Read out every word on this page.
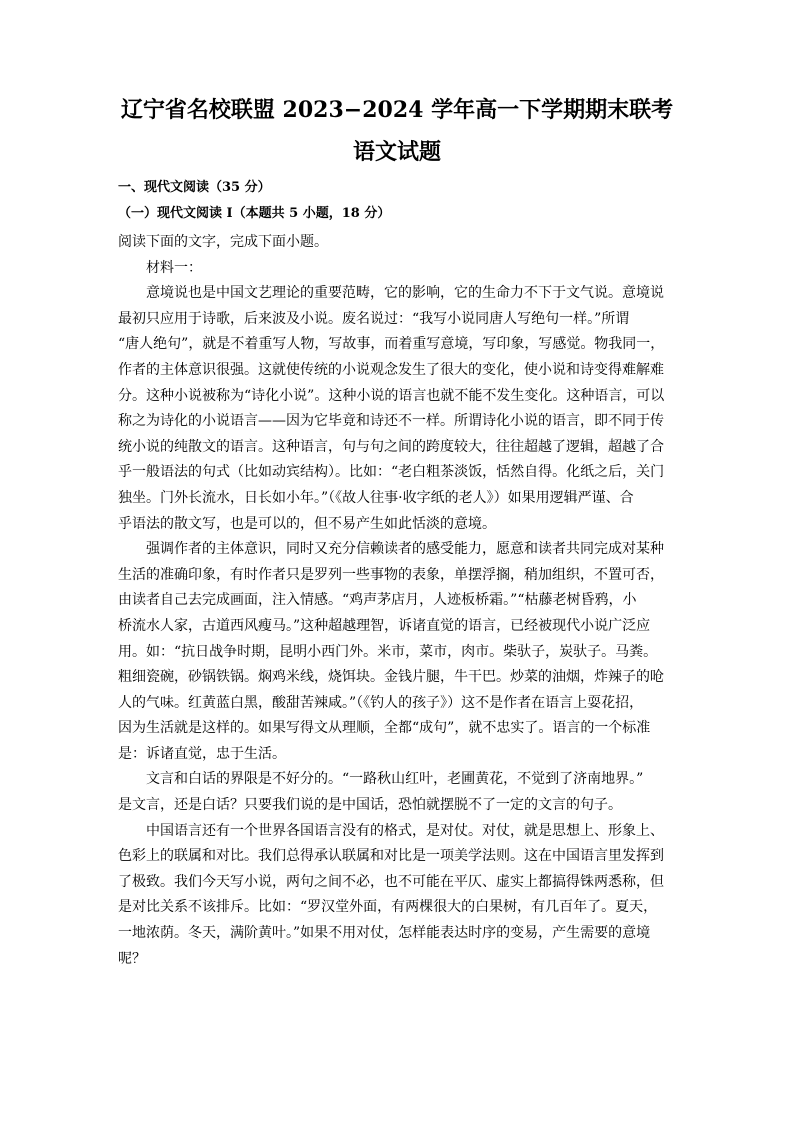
辽宁省名校联盟 2023−2024 学年高一下学期期末联考
语文试题
一、现代文阅读（35 分）
（一）现代文阅读 I（本题共 5 小题，18 分）

阅读下面的文字，完成下面小题。

材料一：

意境说也是中国文艺理论的重要范畴，它的影响，它的生命力不下于文气说。意境说

最初只应用于诗歌，后来波及小说。废名说过：“我写小说同唐人写绝句一样。”所谓

“唐人绝句”，就是不着重写人物，写故事，而着重写意境，写印象，写感觉。物我同一，

作者的主体意识很强。这就使传统的小说观念发生了很大的变化，使小说和诗变得难解难

分。这种小说被称为“诗化小说”。这种小说的语言也就不能不发生变化。这种语言，可以

称之为诗化的小说语言——因为它毕竟和诗还不一样。所谓诗化小说的语言，即不同于传

统小说的纯散文的语言。这种语言，句与句之间的跨度较大，往往超越了逻辑，超越了合

乎一般语法的句式（比如动宾结构）。比如：“老白粗茶淡饭，恬然自得。化纸之后，关门

独坐。门外长流水，日长如小年。”（《故人往事·收字纸的老人》）如果用逻辑严谨、合

乎语法的散文写，也是可以的，但不易产生如此恬淡的意境。

强调作者的主体意识，同时又充分信赖读者的感受能力，愿意和读者共同完成对某种

生活的准确印象，有时作者只是罗列一些事物的表象，单摆浮搁，稍加组织，不置可否，

由读者自己去完成画面，注入情感。“鸡声茅店月，人迹板桥霜。”“枯藤老树昏鸦，小

桥流水人家，古道西风瘦马。”这种超越理智，诉诸直觉的语言，已经被现代小说广泛应

用。如：“抗日战争时期，昆明小西门外。米市，菜市，肉市。柴驮子，炭驮子。马粪。

粗细瓷碗，砂锅铁锅。焖鸡米线，烧饵块。金钱片腿，牛干巴。炒菜的油烟，炸辣子的呛

人的气味。红黄蓝白黑，酸甜苦辣咸。”（《钓人的孩子》）这不是作者在语言上耍花招，

因为生活就是这样的。如果写得文从理顺，全都“成句”，就不忠实了。语言的一个标准

是：诉诸直觉，忠于生活。

文言和白话的界限是不好分的。“一路秋山红叶，老圃黄花，不觉到了济南地界。”

是文言，还是白话？只要我们说的是中国话，恐怕就摆脱不了一定的文言的句子。

中国语言还有一个世界各国语言没有的格式，是对仗。对仗，就是思想上、形象上、

色彩上的联属和对比。我们总得承认联属和对比是一项美学法则。这在中国语言里发挥到

了极致。我们今天写小说，两句之间不必，也不可能在平仄、虚实上都搞得铢两悉称，但

是对比关系不该排斥。比如：“罗汉堂外面，有两棵很大的白果树，有几百年了。夏天，

一地浓荫。冬天，满阶黄叶。”如果不用对仗，怎样能表达时序的变易，产生需要的意境

呢？
